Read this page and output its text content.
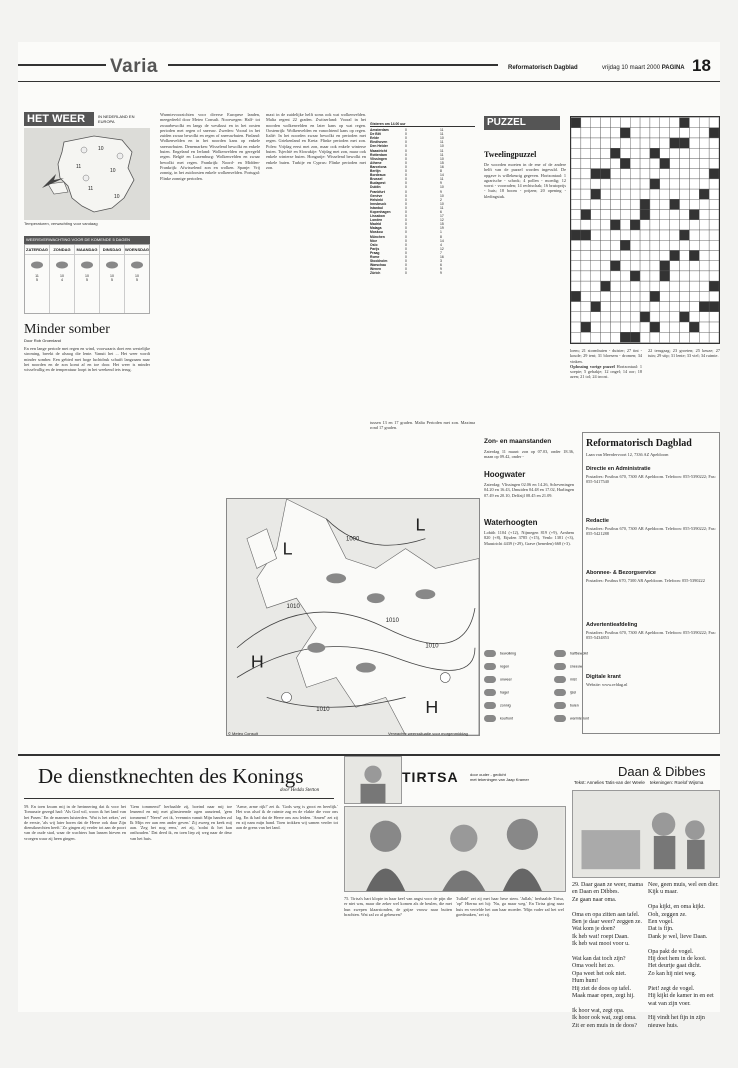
Varia	Reformatorisch Dagblad	vrijdag 10 maart 2000 PAGINA 18
HET WEER	IN NEDERLAND EN EUROPA
10
11
10
11
10
Temperaturen, verwachting voor vandaag
WEERSVERWACHTING VOOR DE KOMENDE 5 DAGEN
ZATERDAG
11
5
ZONDAG
10
4
MAANDAG
10
5
DINSDAG
10
5
WOENSDAG
10
5
Minder somber
Door Rob Groenland
En een lange periode met regen en wind, voorwaarts doet een westelijke stroming, breekt de alsnog die lente. Vanuit het ... Het weer wordt minder somber. Een gebied met hoge luchtdruk schuift langzaam naar het noorden en de zon komt af en toe door. Het weer is minder wisselvallig en de temperatuur loopt in het weekend iets terug.
Warmtevoorzichten voor diverse Europese landen, meegedeeld door Meteo Consult. Noorwegen: Half- tot zwaarbewolkt en langs de westkust en in het oosten perioden met regen of sneeuw. Zweden: Vooral in het zuiden zwaar bewolkt en regen of sneeuwbuien. Finland: Wolkenvelden en in het noorden kans op enkele sneeuwbuien. Denemarken: Wisselend bewolkt en enkele buien. Engeland en Ierland: Wolkenvelden en geregeld regen. België en Luxemburg: Wolkenvelden en zwaar bewolkt met regen. Frankrijk: Noord- en Midden-Frankrijk: Afwisselend zon en wolken. Spanje: Vrij zonnig, in het zuidoosten enkele wolkenvelden. Portugal: Flinke zonnige perioden.
maxi in de zuidelijke helft soms ook wat wolkenvelden. Malta regent 22 graden. Zwitserland: Vooral in het noorden wolkenvelden en later kans op wat regen. Oostenrijk: Wolkenvelden en vanochtend kans op regen. Italië: In het noorden zwaar bewolkt en perioden met regen. Griekenland en Kreta: Flinke perioden met zon. Polen: Vrijdag eerst met zon, maar ook enkele winterse buien. Tsjechië en Slowakije: Vrijdag met zon, maar ook enkele winterse buien. Hongarije: Wisselend bewolkt en enkele buien. Turkije en Cyprus: Flinke perioden met zon.
Gisteren om 14.00 uur
Amsterdam	0	11
De Bilt	0	11
Eelde	0	10
Eindhoven	0	11
Den Helder	0	10
Maastricht	0	11
Rotterdam	0	11
Vlissingen	0	10
Athene	0	15
Barcelona	0	16
Berlijn	0	8
Bordeaux	0	14
Brussel	0	11
Budapest	0	9
Dublin	0	10
Frankfurt	0	9
Genève	0	10
Helsinki	0	2
Innsbruck	0	10
Istanbul	0	11
Kopenhagen	0	6
Lissabon	0	17
Londen	0	12
Madrid	0	15
Malaga	0	19
Moskou	0	1
München	0	8
Nice	0	14
Oslo	0	4
Parijs	0	12
Praag	0	7
Rome	0	16
Stockholm	0	3
Warschau	0	6
Wenen	0	9
Zürich	0	9
tussen 13 en 17 graden. Malta Perioden met zon. Maxima rond 17 graden.
1010
1010
1000
1010
1010
H
H
L
L
© Meteo Consult	Verwachte weerssituatie voor morgenmiddag
Zon- en maanstanden
Zaterdag 11 maart: zon op 07.03, onder 18.36, maan op 09.42, onder -
Hoogwater
Zaterdag: Vlissingen 02.06 en 14.26, Scheveningen 04.20 en 16.43, IJmuiden 04.48 en 17.02, Harlingen 07.49 en 20.10, Delfzijl 08.45 en 21.09.
Waterhoogten
Lobith 1104 (+12), Nijmegen 819 (+9), Arnhem 820 (+8), Eijsden 3785 (+15), Venlo 1381 (+3), Maastricht 4439 (+29), Grave (beneden) 668 (+3).
bewolking	halfbewolkt
regen	sneeuw
onweer	mist
hagel	ijzel
zonnig	buien
koufront	warmtefront
PUZZEL
Tweelingpuzzel
De woorden moeten in de ene of de andere helft van de puzzel worden ingevuld. De opgave is willekeurig gegeven. Horizontaal: 1 agrarische - schrok; 4 pollen - moedig; 12 worst - voorraden; 14 rechtschak; 16 brutoprijs - huis; 18 boom - prijzen; 20 opening - kledingstuk.
loem; 21 stormbuien - duister; 27 tint - koude; 29 tent; 31 bloesem - dromen; 34 vinken.
Oplossing vorige puzzel Horizontaal: 1 soepie; 5 gebakje; 12 ongel; 14 oor; 18 azen; 21 tol; 24 troost.
22 terugzag; 23 groeten; 25 keuze; 27 tuin; 29 stip; 31 lente; 33 viel; 34 ruimte.
Reformatorisch Dagblad
Laan van Meerdervoort 12, 7336 AZ Apeldoorn
Directie en Administratie
Postadres: Postbus 670, 7300 AR Apeldoorn. Telefoon: 055-5390222; Fax: 055-5417540
Redactie
Postadres: Postbus 670, 7300 AR Apeldoorn. Telefoon: 055-5390222; Fax: 055-5421288
Abonnee- & Bezorgservice
Postadres: Postbus 670, 7300 AR Apeldoorn. Telefoon: 055-5390222
Advertentieafdeling
Postadres: Postbus 670, 7300 AR Apeldoorn. Telefoon: 055-5390222; Fax: 055-5434853
Digitale krant
Website: www.refdag.nl
De dienstknechten des Konings
door Hedda Stetton
59. En toen kwam mij in de herinnering dat ik voor het Tomuszie gezegd had: 'Als God wil, woon ik het land van het Pasen.' En de mannen luisterden. 'Wat is het zeker,' zei de eerste, 'als wij later horen dat de Heere ook daar Zijn dienstknechten heeft.' Zo gingen zij verder tot aan de poort van de oude stad, waar de wachters hun lansen hieven en vroegen waar zij heen gingen.
'Gem tommemi!' herhaalde zij, boeind naar mij toe leunend en mij met glinsterende ogen aanziend, 'gem tommemi!' 'Neen!' zei ik, 'evenmin vanuit Mijn handen zal Ik Mijn eer aan een ander geven.' Zij zweeg en keek mij aan. 'Zeg het nog eens,' zei zij, 'zodat ik het kan onthouden.' Dat deed ik, en toen liep zij weg naar de deur van het huis.
'Arme, arme rijk!' zei ik. 'Gods weg is groot en heerlijk.' Het was alsof ik de ruimte zag en de vlakte die voor ons lag. En ik bad dat de Heere ons zou leiden. 'Amen!' zei zij en zij nam mijn hand. Toen trokken wij samen verder tot aan de grens van het land.
TIRTSA	door ouder - gedicht
met tekeningen van Jaap Kramer
75. Tirtsa's hart klopte in haar keel van angst voor de pijn die er niet was, maar die zeker wel komen als de beulen, die met hun zwepen klaarstonden, de grijze vrouw naar buiten brachten. Wat zal zo al gebeuren?
'Jullah!' zei zij met haar hese stem. 'Jullah,' herhaalde Tirtsa, 'op!' Hierna zei hij: 'Nu, ga maar weg.' En Tirtsa ging naar huis en vertelde het aan haar moeder. 'Mijn vader zal het wel goedmaken,' zei zij.
Daan & Dibbes
Tekst: Annelies Tatis-van der Weele tekeningen: Roelof Wijsma
29. Daar gaan ze weer, mama
en Daan en Dibbes.
Ze gaan naar oma.

Oma en opa zitten aan tafel.
Ben je daar weer? zeggen ze.
Wat kom je doen?
Ik heb wat! roept Daan.
Ik heb wat mooi voor u.

Wat kan dat toch zijn?
Oma voelt het zo.
Opa weet het ook niet.
Hum hum!
Hij ziet de doos op tafel.
Maak maar open, zegt hij.

Ik hoor wat, zegt opa.
Ik hoor ook wat, zegt oma.
Zit er een muis in de doos?
Nee, geen muis, wel een dier.
Kijk u maar.

Opa kijkt, en oma kijkt.
Ooh, zeggen ze.
Een vogel.
Dat is fijn.
Dank je wel, lieve Daan.

Opa pakt de vogel.
Hij doet hem in de kooi.
Het deurtje gaat dicht.
Zo kan hij niet weg.

Piet! zegt de vogel.
Hij kijkt de kamer in en eet
wat van zijn voer.

Hij vindt het fijn in zijn nieuwe huis.
